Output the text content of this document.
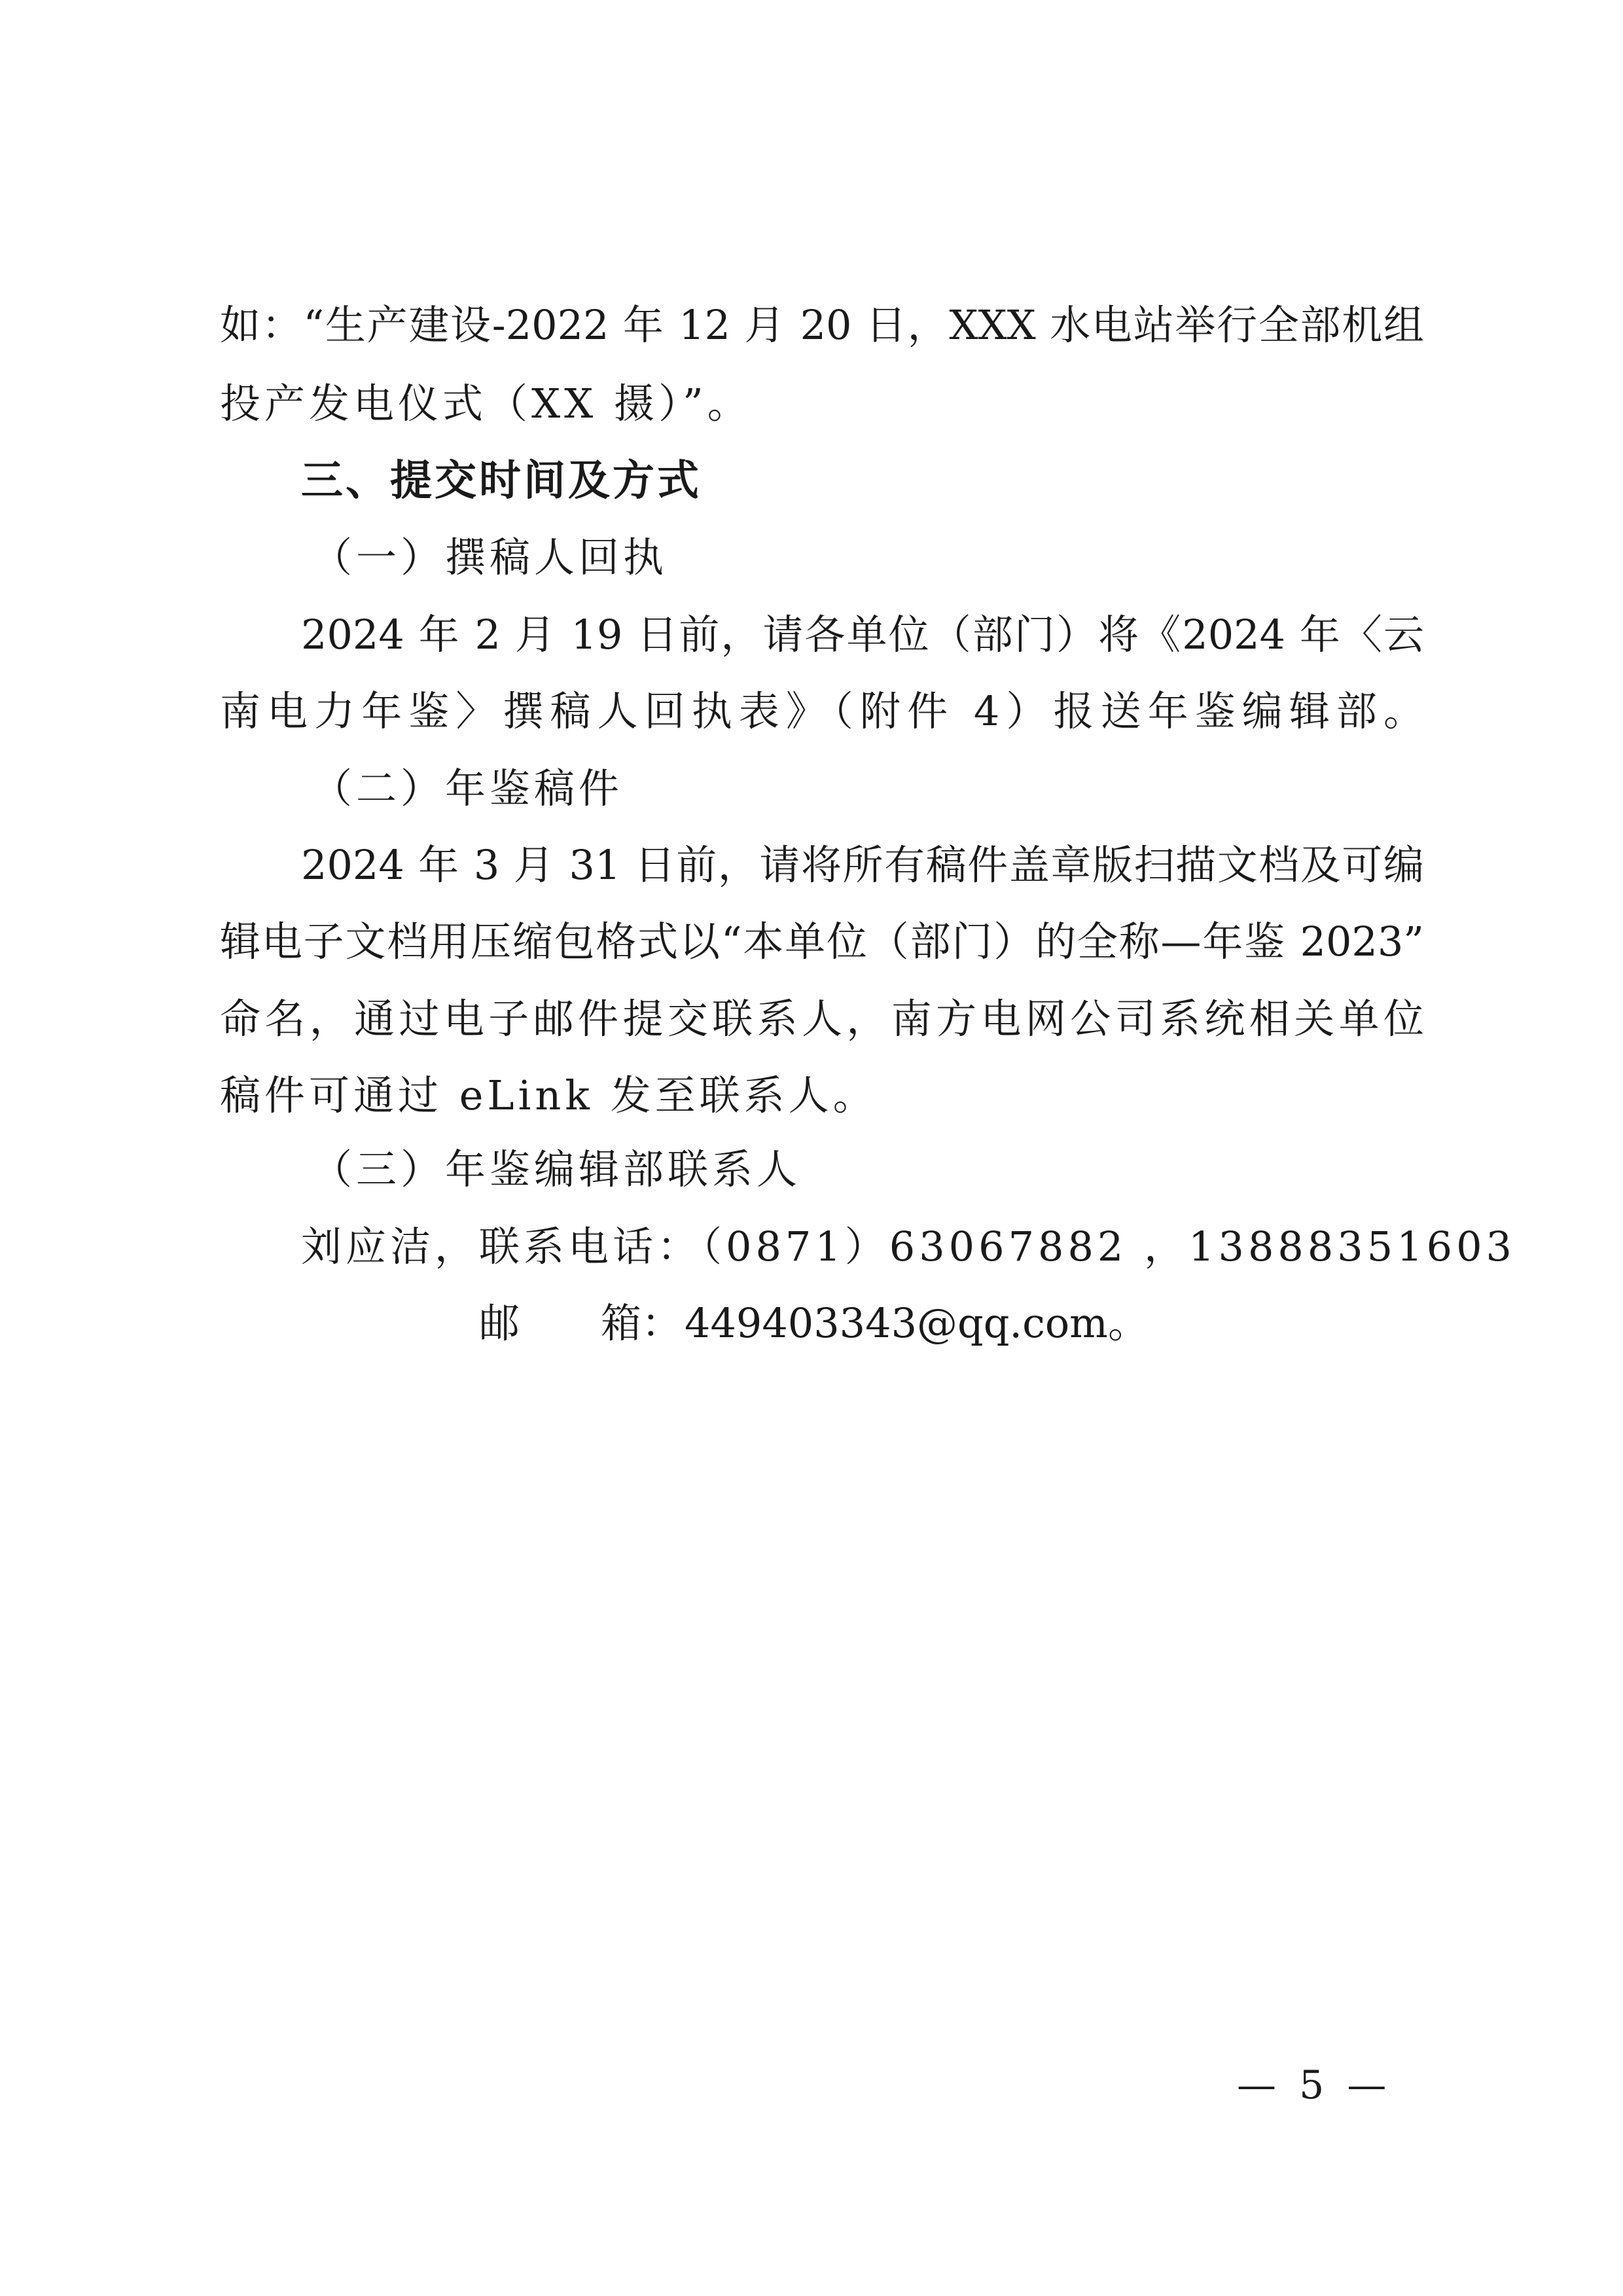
如：“生产建设-2022 年 12 月 20 日，XXX 水电站举行全部机组
投产发电仪式（XX 摄）”。
三、提交时间及方式
（一）撰稿人回执
2024 年 2 月 19 日前，请各单位（部门）将《2024 年〈云
南电力年鉴〉撰稿人回执表》（附件 4）报送年鉴编辑部。
（二）年鉴稿件
2024 年 3 月 31 日前，请将所有稿件盖章版扫描文档及可编
辑电子文档用压缩包格式以“本单位（部门）的全称—年鉴 2023”
命名，通过电子邮件提交联系人，南方电网公司系统相关单位
稿件可通过 eLink 发至联系人。
（三）年鉴编辑部联系人
刘应洁，联系电话：（0871）63067882 ，13888351603
邮 箱： 449403343@qq.com。
— 5 —
